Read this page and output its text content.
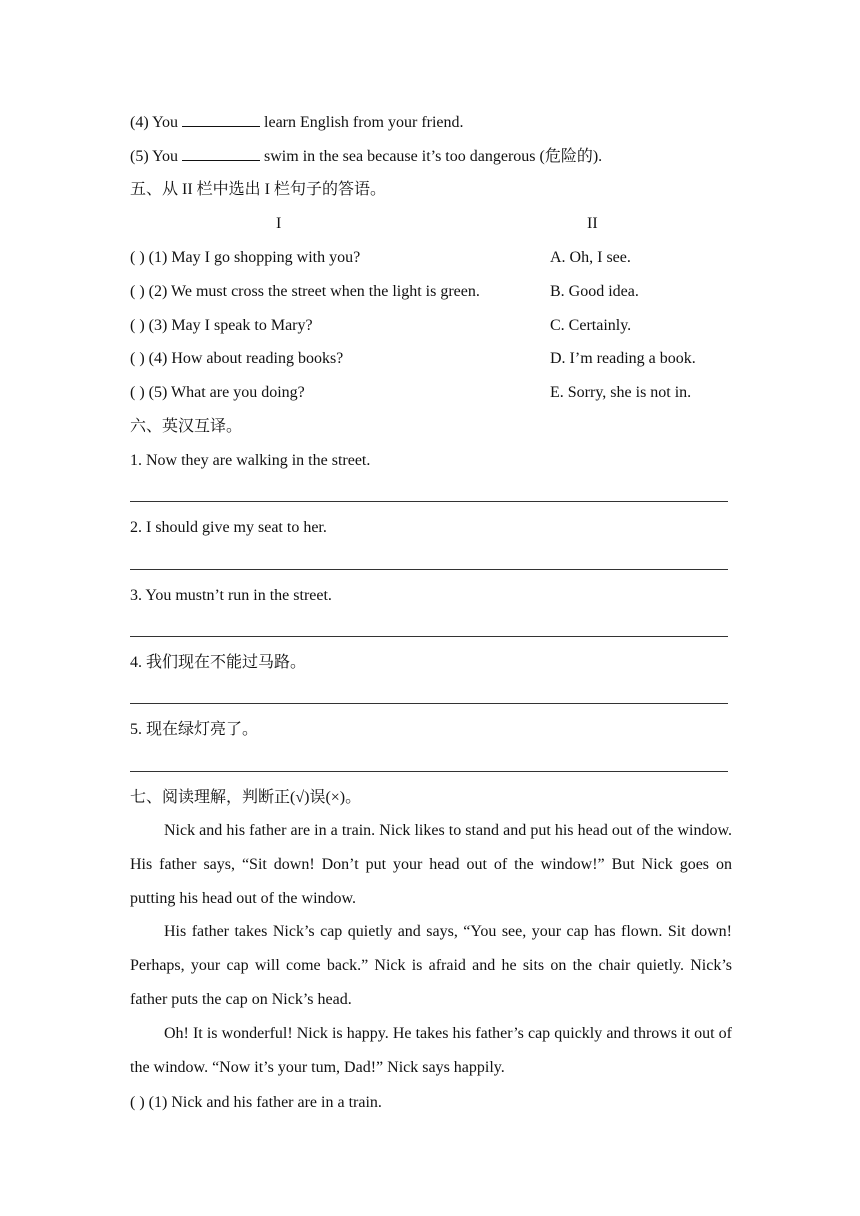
(4) You	learn English from your friend.
(5) You	swim in the sea because it’s too dangerous (危险的).
五、从 II 栏中选出 I 栏句子的答语。
I	II
( ) (1) May I go shopping with you?	A. Oh, I see.
( ) (2) We must cross the street when the light is green.	B. Good idea.
( ) (3) May I speak to Mary?	C. Certainly.
( ) (4) How about reading books?	D. I’m reading a book.
( ) (5) What are you doing?	E. Sorry, she is not in.
六、英汉互译。
1. Now they are walking in the street.
2. I should give my seat to her.
3. You mustn’t run in the street.
4. 我们现在不能过马路。
5. 现在绿灯亮了。
七、阅读理解，判断正(√)误(×)。
Nick and his father are in a train. Nick likes to stand and put his head out of the window. His father says, “Sit down! Don’t put your head out of the window!” But Nick goes on putting his head out of the window.
His father takes Nick’s cap quietly and says, “You see, your cap has flown. Sit down! Perhaps, your cap will come back.” Nick is afraid and he sits on the chair quietly. Nick’s father puts the cap on Nick’s head.
Oh! It is wonderful! Nick is happy. He takes his father’s cap quickly and throws it out of the window. “Now it’s your tum, Dad!” Nick says happily.
( ) (1) Nick and his father are in a train.
